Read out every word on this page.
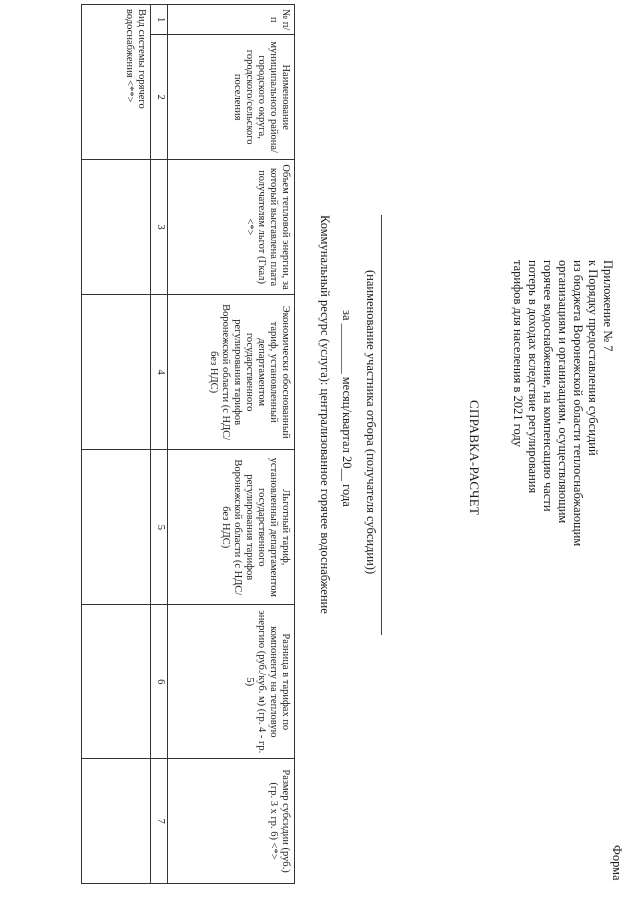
Приложение № 7
к Порядку предоставления субсидий
из бюджета Воронежской области теплоснабжающим
организациям и организациям, осуществляющим
горячее водоснабжение, на компенсацию части
потерь в доходах вследствие регулирования
тарифов для населения в 2021 году
Форма
СПРАВКА-РАСЧЕТ
(наименование участника отбора (получателя субсидии))
за ________ месяц/квартал 20__ года
Коммунальный ресурс (услуга): централизованное горячее водоснабжение
№ п/п	Наименование муниципального района/городского округа, городского/сельского поселения	Объем тепловой энергии, за который выставлена плата получателям льгот (Гкал) <*>	Экономически обоснованный тариф, установленный департаментом государственного регулирования тарифов Воронежской области (с НДС/без НДС)	Льготный тариф, установленный департаментом государственного регулирования тарифов Воронежской области (с НДС/без НДС)	Разница в тарифах по компоненту на тепловую энергию (руб./куб. м) (гр. 4 - гр. 5)	Размер субсидии (руб.) (гр. 3 x гр. 6) <*>
1	2	3	4	5	6	7
Вид системы горячего водоснабжения <**>						
